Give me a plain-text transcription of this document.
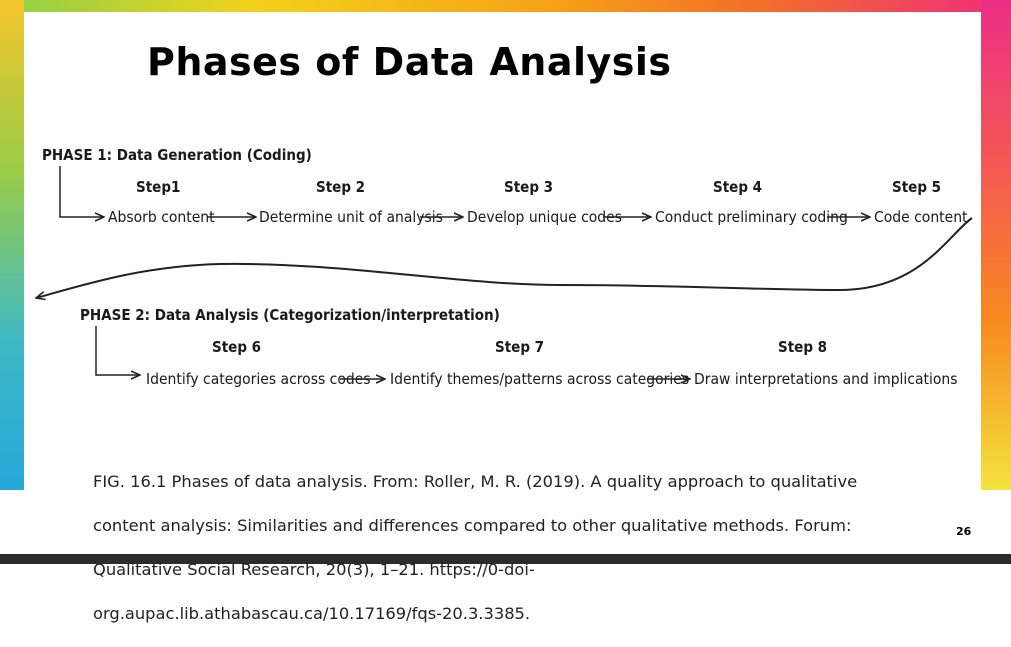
Phases of Data Analysis
PHASE 1: Data Generation (Coding)
Step1
Absorb content
Step 2
Determine unit of analysis
Step 3
Develop unique codes
Step 4
Conduct preliminary coding
Step 5
Code content
PHASE 2: Data Analysis (Categorization/interpretation)
Step 6
Identify categories across codes
Step 7
Identify themes/patterns across categories
Step 8
Draw interpretations and implications

FIG. 16.1 Phases of data analysis. From: Roller, M. R. (2019). A quality approach to qualitative

content analysis: Similarities and differences compared to other qualitative methods. Forum:

Qualitative Social Research, 20(3), 1–21. https://0-doi-

org.aupac.lib.athabascau.ca/10.17169/fqs-20.3.3385.

26
